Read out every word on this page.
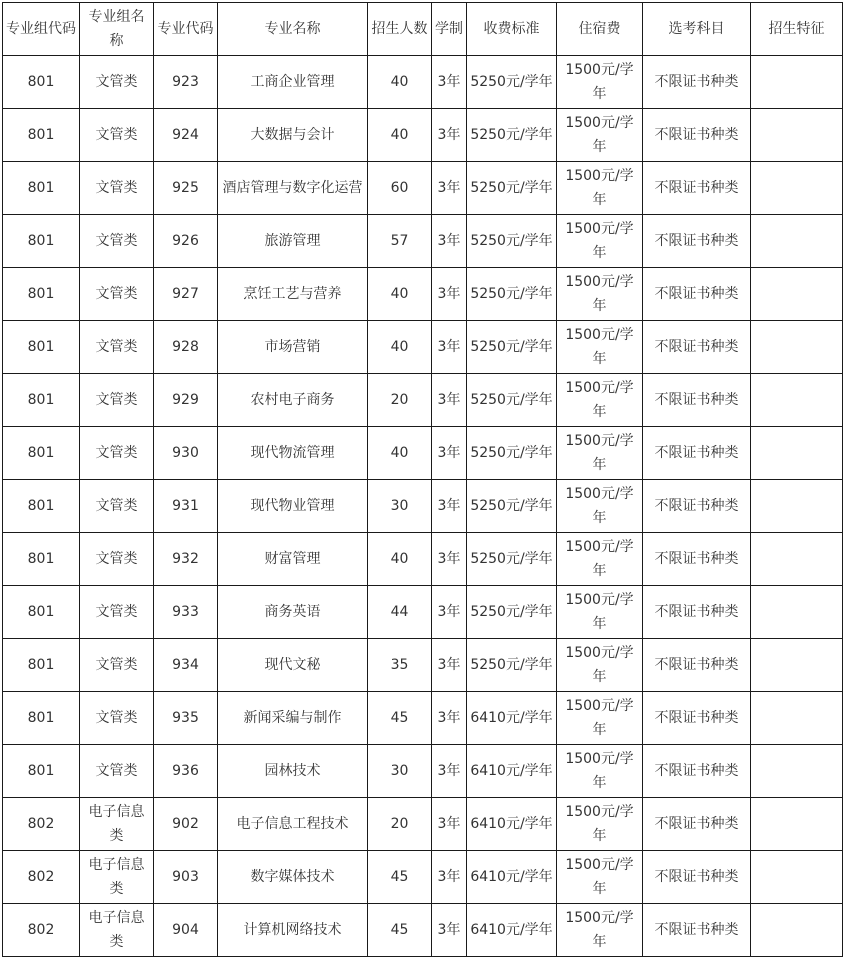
专业组代码	专业组名称	专业代码	专业名称	招生人数	学制	收费标准	住宿费	选考科目	招生特征
801	文管类	923	工商企业管理	40	3年	5250元/学年	1500元/学年	不限证书种类	
801	文管类	924	大数据与会计	40	3年	5250元/学年	1500元/学年	不限证书种类	
801	文管类	925	酒店管理与数字化运营	60	3年	5250元/学年	1500元/学年	不限证书种类	
801	文管类	926	旅游管理	57	3年	5250元/学年	1500元/学年	不限证书种类	
801	文管类	927	烹饪工艺与营养	40	3年	5250元/学年	1500元/学年	不限证书种类	
801	文管类	928	市场营销	40	3年	5250元/学年	1500元/学年	不限证书种类	
801	文管类	929	农村电子商务	20	3年	5250元/学年	1500元/学年	不限证书种类	
801	文管类	930	现代物流管理	40	3年	5250元/学年	1500元/学年	不限证书种类	
801	文管类	931	现代物业管理	30	3年	5250元/学年	1500元/学年	不限证书种类	
801	文管类	932	财富管理	40	3年	5250元/学年	1500元/学年	不限证书种类	
801	文管类	933	商务英语	44	3年	5250元/学年	1500元/学年	不限证书种类	
801	文管类	934	现代文秘	35	3年	5250元/学年	1500元/学年	不限证书种类	
801	文管类	935	新闻采编与制作	45	3年	6410元/学年	1500元/学年	不限证书种类	
801	文管类	936	园林技术	30	3年	6410元/学年	1500元/学年	不限证书种类	
802	电子信息类	902	电子信息工程技术	20	3年	6410元/学年	1500元/学年	不限证书种类	
802	电子信息类	903	数字媒体技术	45	3年	6410元/学年	1500元/学年	不限证书种类	
802	电子信息类	904	计算机网络技术	45	3年	6410元/学年	1500元/学年	不限证书种类	
